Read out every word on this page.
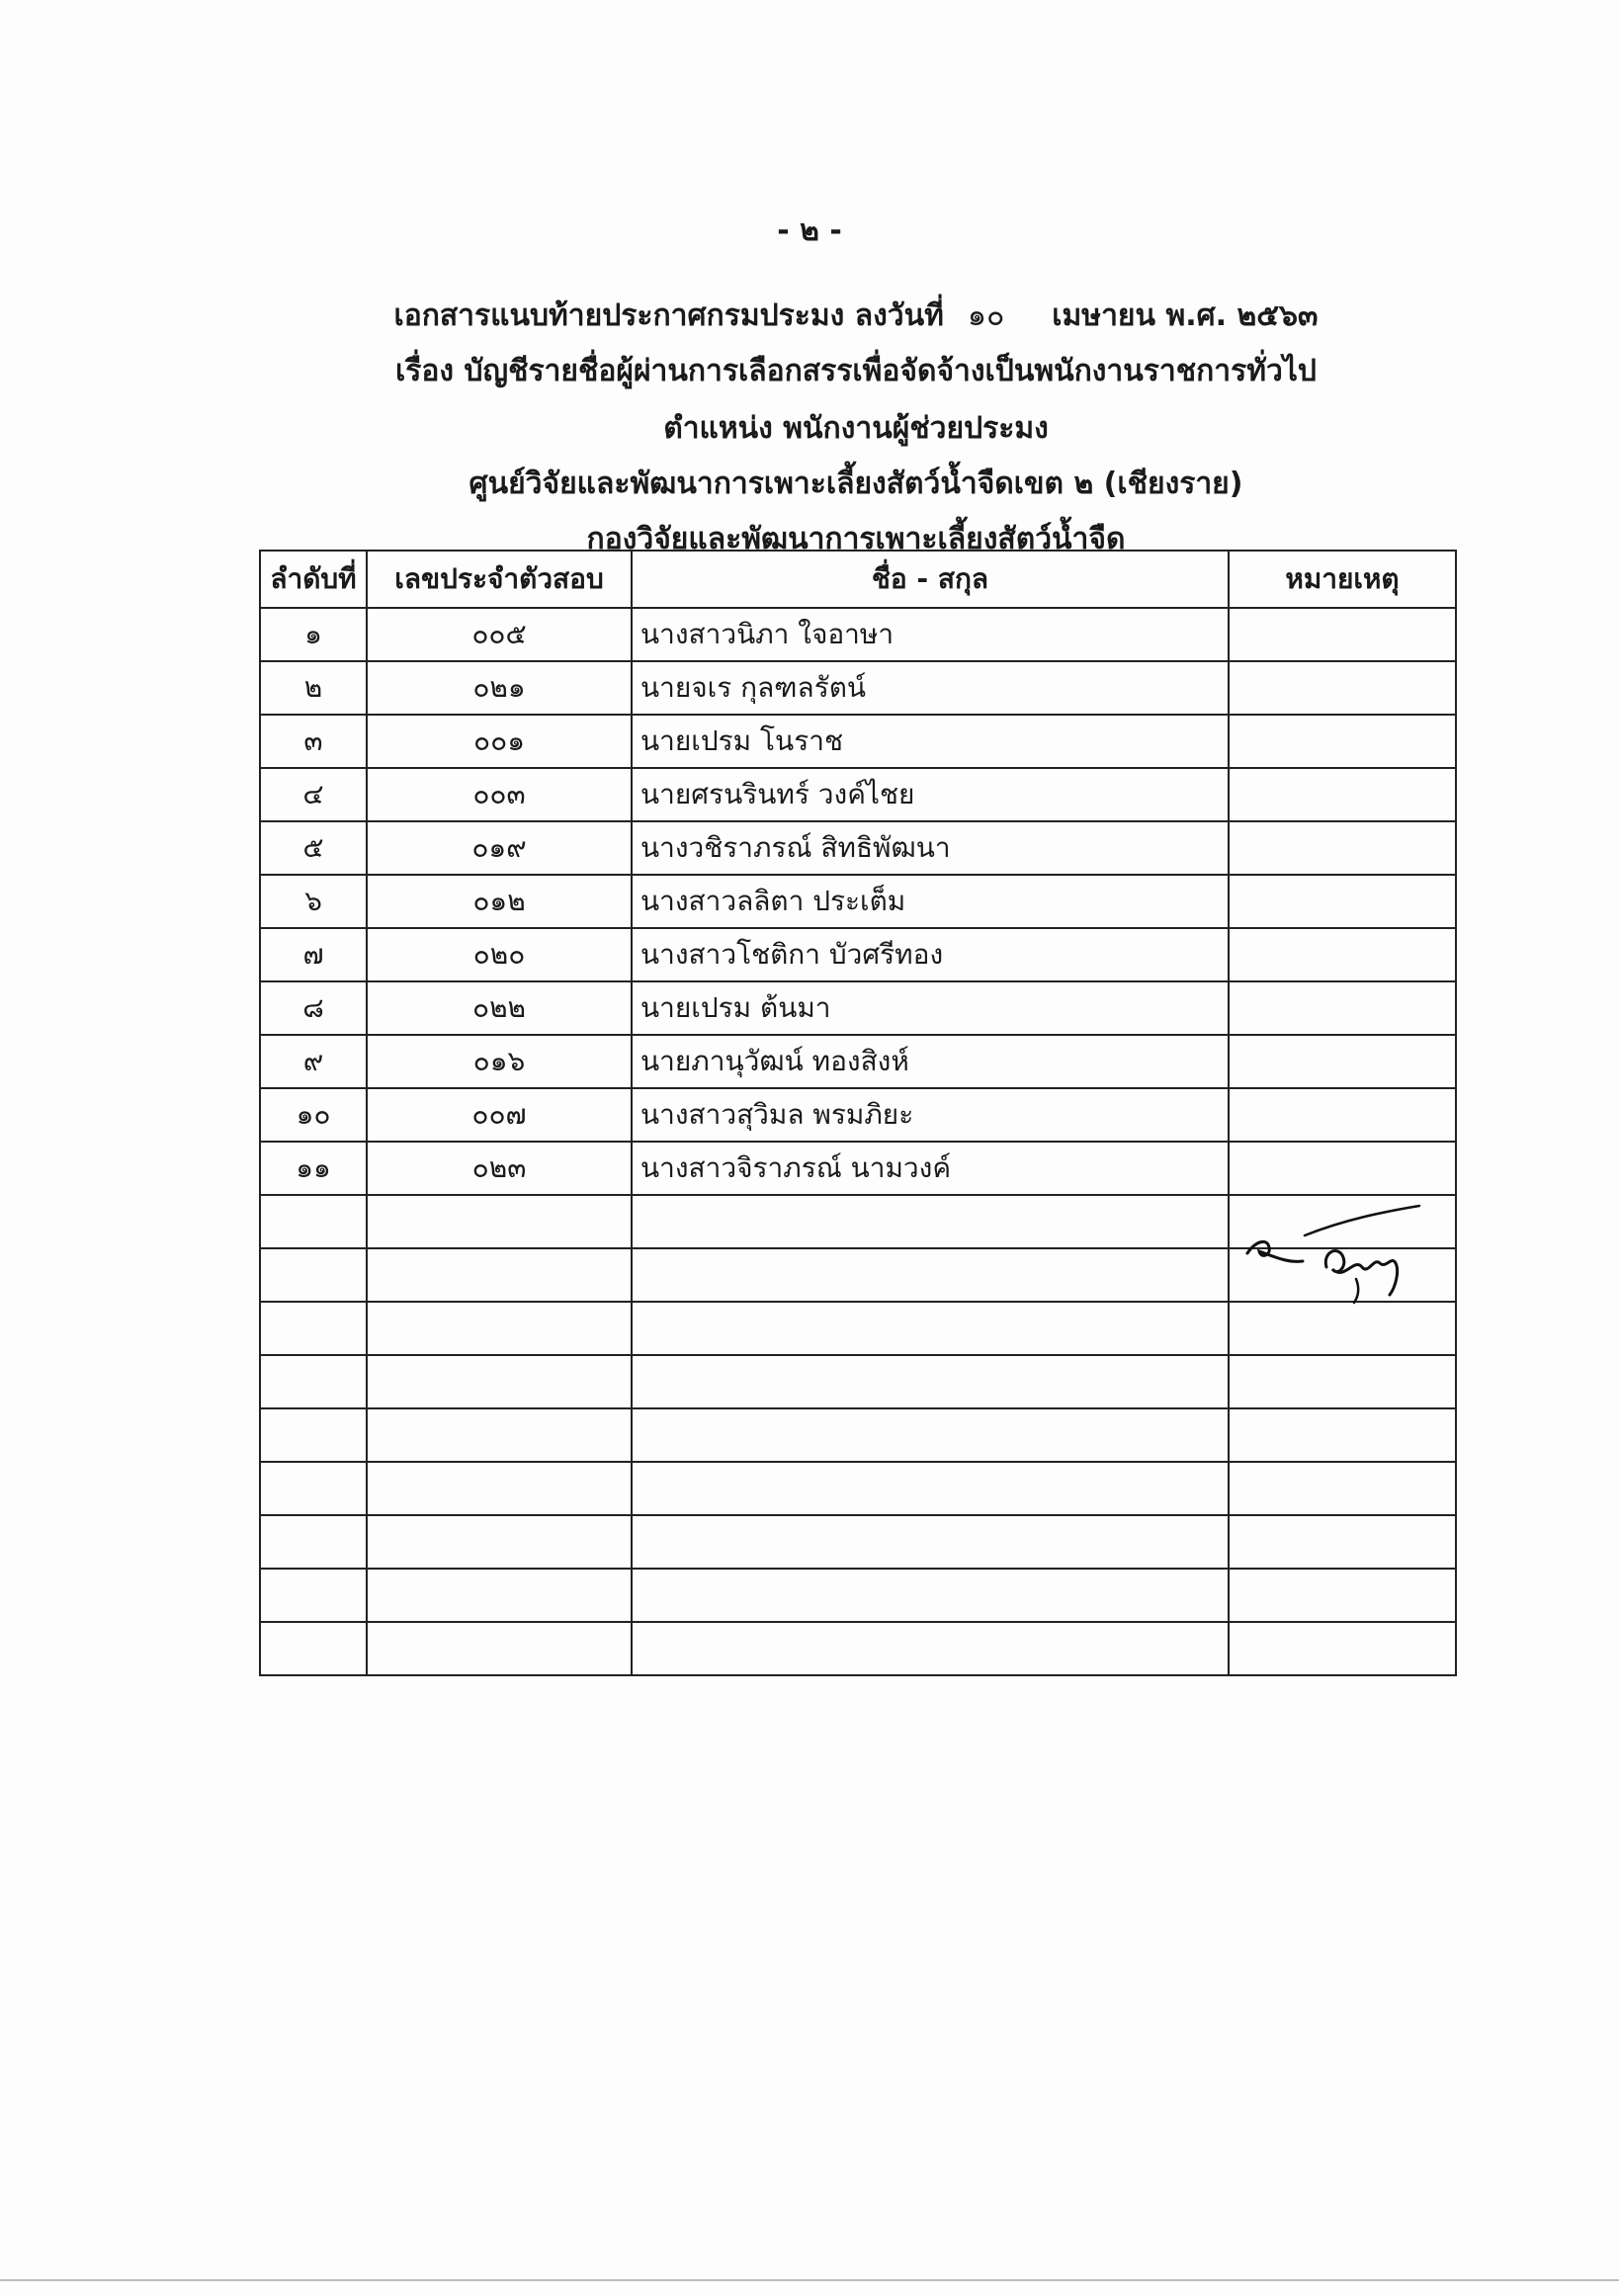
- ๒ -
เอกสารแนบท้ายประกาศกรมประมง ลงวันที่ ๑๐ เมษายน พ.ศ. ๒๕๖๓
เรื่อง บัญชีรายชื่อผู้ผ่านการเลือกสรรเพื่อจัดจ้างเป็นพนักงานราชการทั่วไป
ตำแหน่ง พนักงานผู้ช่วยประมง
ศูนย์วิจัยและพัฒนาการเพาะเลี้ยงสัตว์น้ำจืดเขต ๒ (เชียงราย)
กองวิจัยและพัฒนาการเพาะเลี้ยงสัตว์น้ำจืด
ลำดับที่	เลขประจำตัวสอบ	ชื่อ - สกุล	หมายเหตุ
๑	๐๐๕	นางสาวนิภา ใจอาษา	
๒	๐๒๑	นายจเร กุลฑลรัตน์	
๓	๐๐๑	นายเปรม โนราช	
๔	๐๐๓	นายศรนรินทร์ วงค์ไชย	
๕	๐๑๙	นางวชิราภรณ์ สิทธิพัฒนา	
๖	๐๑๒	นางสาวลลิตา ประเต็ม	
๗	๐๒๐	นางสาวโชติกา บัวศรีทอง	
๘	๐๒๒	นายเปรม ต้นมา	
๙	๐๑๖	นายภานุวัฒน์ ทองสิงห์	
๑๐	๐๐๗	นางสาวสุวิมล พรมภิยะ	
๑๑	๐๒๓	นางสาวจิราภรณ์ นามวงค์	
